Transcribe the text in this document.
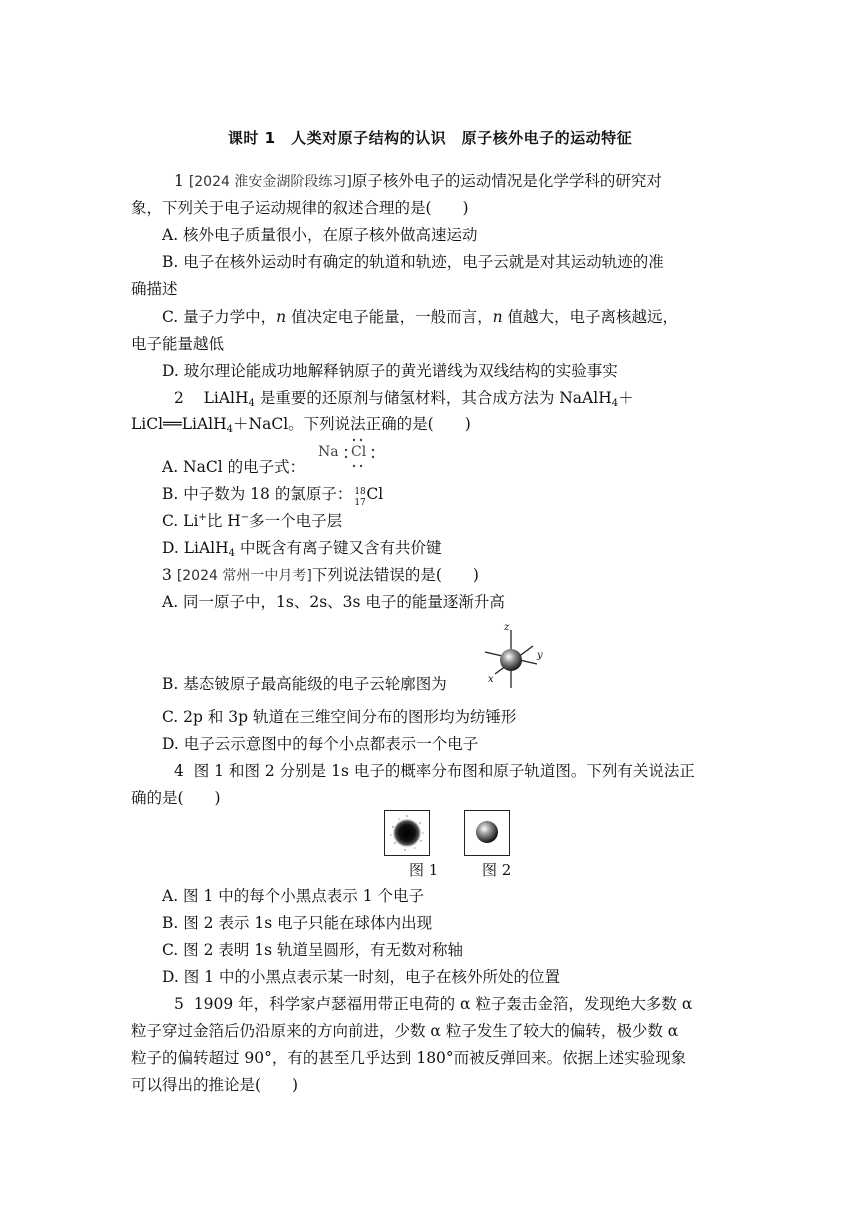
课时 1　人类对原子结构的认识　原子核外电子的运动特征
1 [2024 淮安金湖阶段练习]原子核外电子的运动情况是化学学科的研究对
象，下列关于电子运动规律的叙述合理的是(　　)
A. 核外电子质量很小，在原子核外做高速运动
B. 电子在核外运动时有确定的轨道和轨迹，电子云就是对其运动轨迹的准
确描述
C. 量子力学中，n 值决定电子能量，一般而言，n 值越大，电子离核越远，
电子能量越低
D. 玻尔理论能成功地解释钠原子的黄光谱线为双线结构的实验事实
2 LiAlH$_4$ 是重要的还原剂与储氢材料，其合成方法为 NaAlH$_4$＋
LiCl══LiAlH$_4$＋NaCl。下列说法正确的是(　　)
A. NaCl 的电子式：
Na Cl
B. 中子数为 18 的氯原子： 18
17 Cl
C. Li+比 H−多一个电子层
D. LiAlH$_4$ 中既含有离子键又含有共价键
3 [2024 常州一中月考]下列说法错误的是(　　)
A. 同一原子中，1s、2s、3s 电子的能量逐渐升高
B. 基态铍原子最高能级的电子云轮廓图为
z
y
x
C. 2p 和 3p 轨道在三维空间分布的图形均为纺锤形
D. 电子云示意图中的每个小点都表示一个电子
4 图 1 和图 2 分别是 1s 电子的概率分布图和原子轨道图。下列有关说法正
确的是(　　)
图 1	图 2
A. 图 1 中的每个小黑点表示 1 个电子
B. 图 2 表示 1s 电子只能在球体内出现
C. 图 2 表明 1s 轨道呈圆形，有无数对称轴
D. 图 1 中的小黑点表示某一时刻，电子在核外所处的位置
5 1909 年，科学家卢瑟福用带正电荷的 α 粒子轰击金箔，发现绝大多数 α
粒子穿过金箔后仍沿原来的方向前进，少数 α 粒子发生了较大的偏转，极少数 α
粒子的偏转超过 90°，有的甚至几乎达到 180°而被反弹回来。依据上述实验现象
可以得出的推论是(　　)
